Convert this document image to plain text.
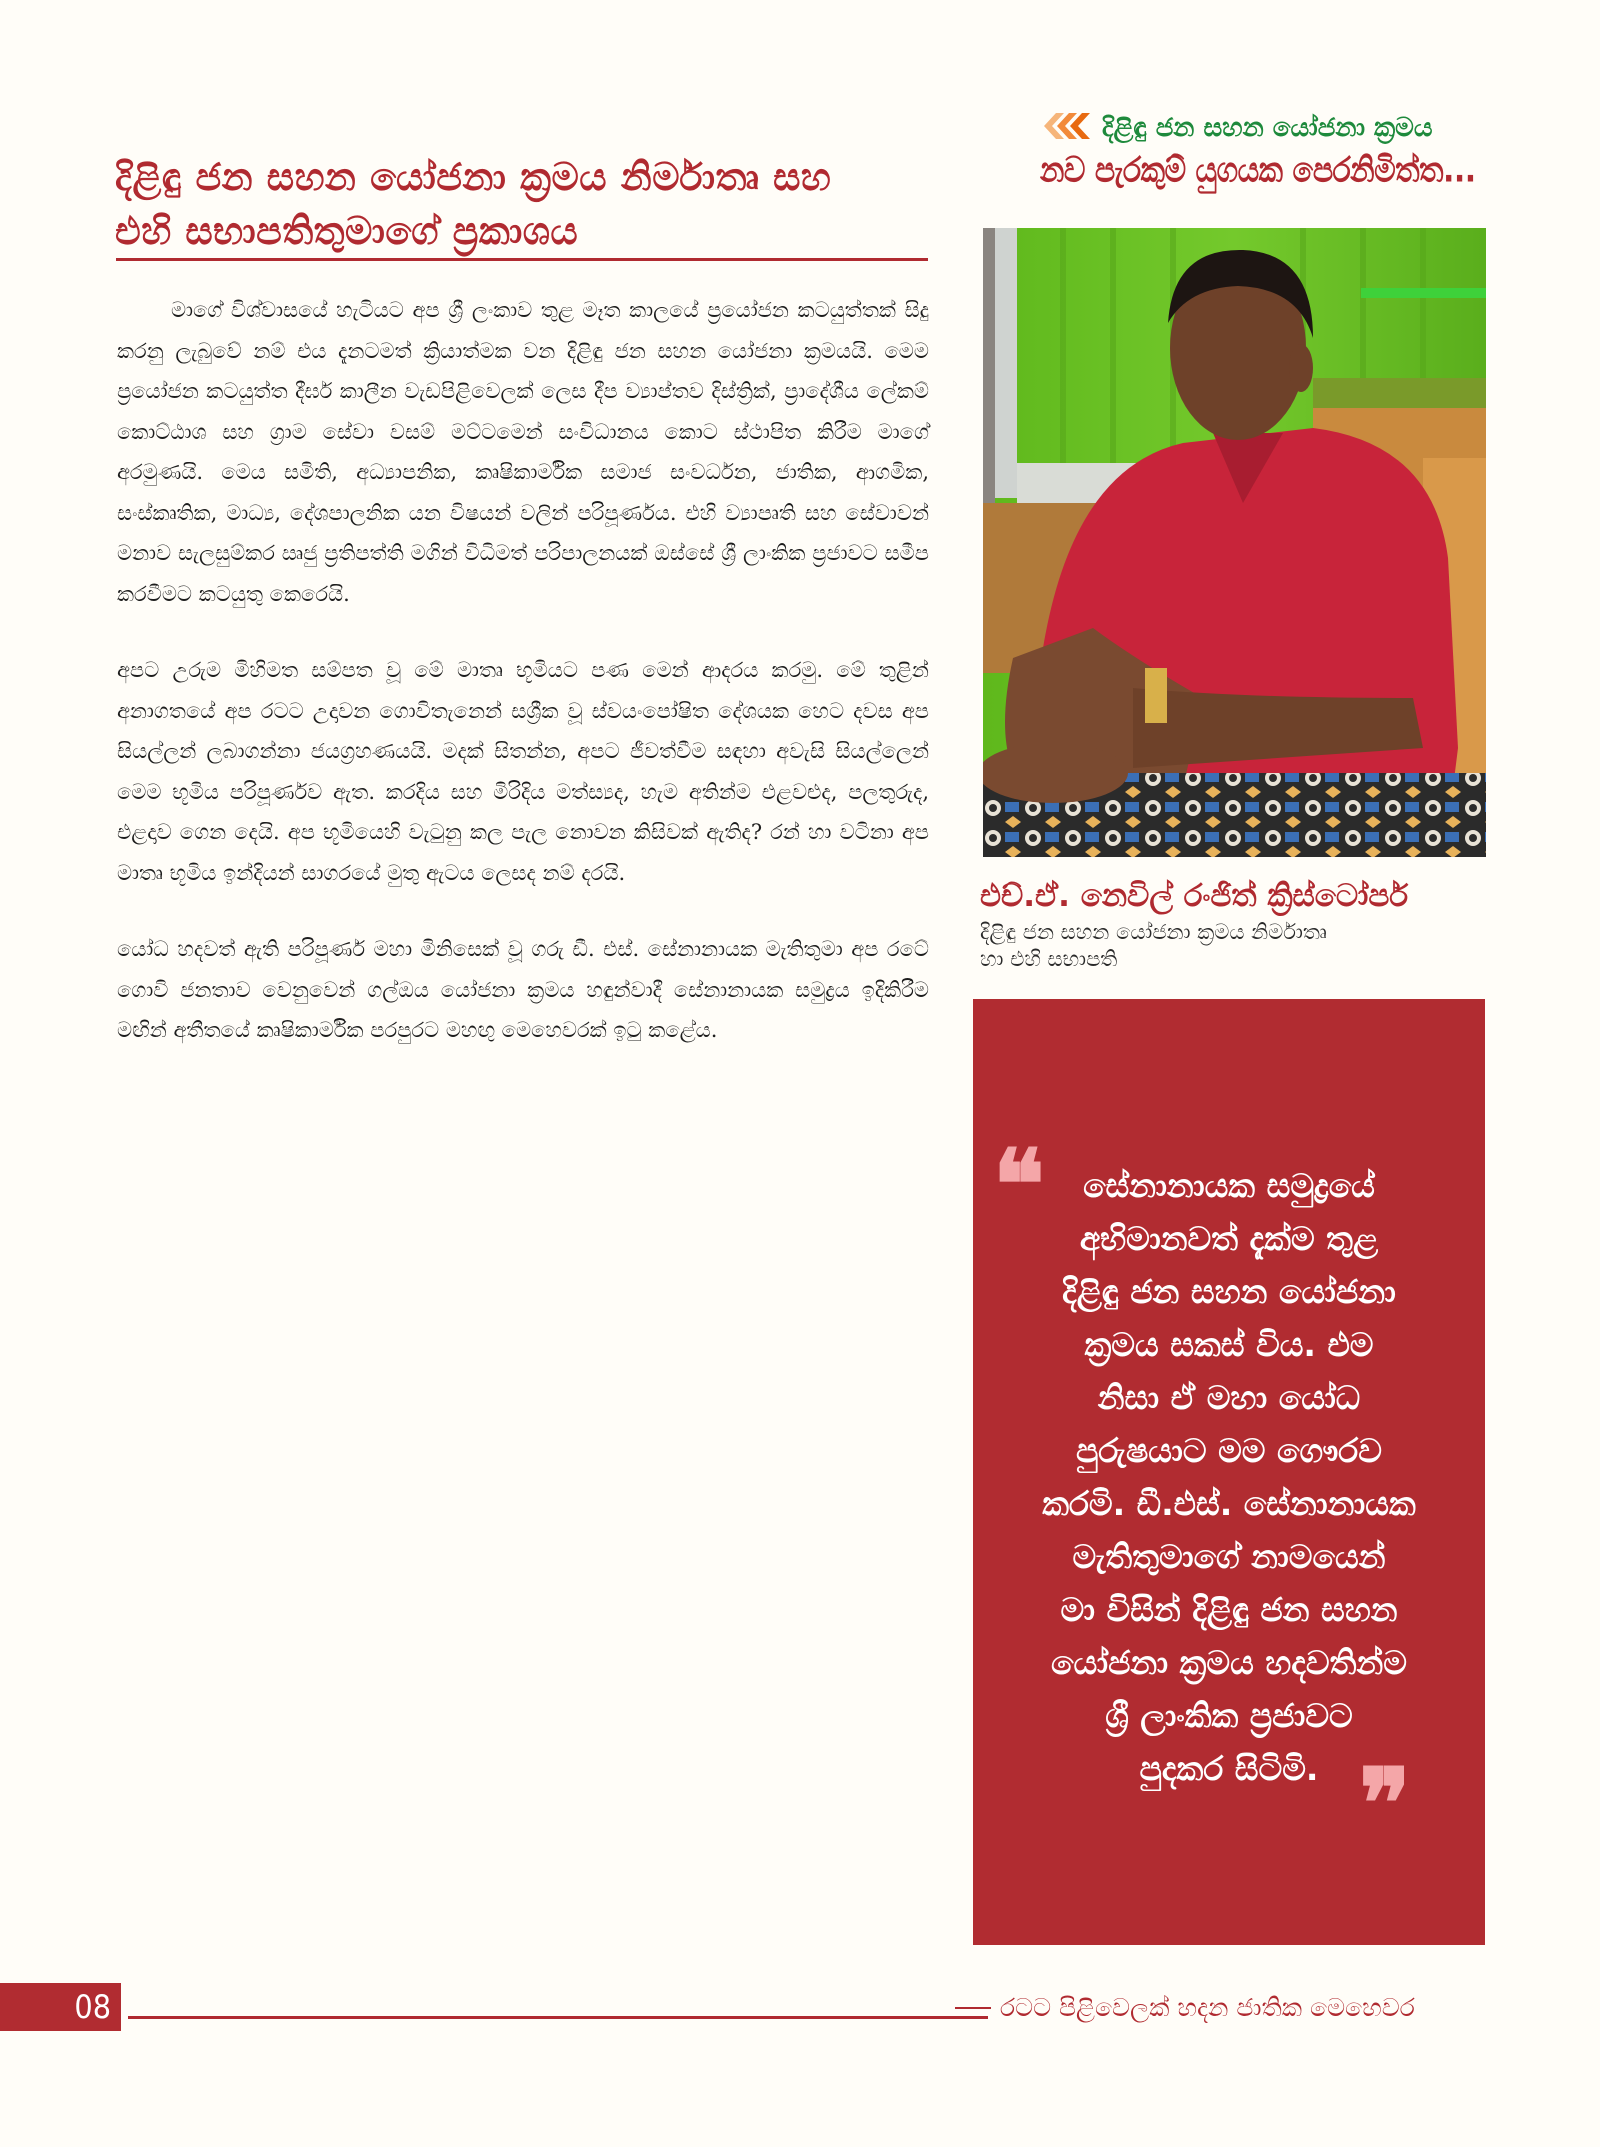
දිළිඳු ජන සහන යෝජනා ක්‍රමය
නව පැරකුම් යුගයක පෙරනිමිත්ත...
දිළිඳු ජන සහන යෝජනා ක්‍රමය නිර්මාතෘ සහ
එහි සභාපතිතුමාගේ ප්‍රකාශය

මාගේ විශ්වාසයේ හැටියට අප ශ්‍රී ලංකාව තුළ මෑත කාලයේ ප්‍රයෝජන කටයුත්තක් සිදු කරනු ලැබුවේ නම් එය දැනටමත් ක්‍රියාත්මක වන දිළිඳු ජන සහන යෝජනා ක්‍රමයයි. මෙම ප්‍රයෝජන කටයුත්ත දීර්ඝ කාලීන වැඩපිළිවෙලක් ලෙස දීප ව්‍යාප්තව දිස්ත්‍රික්, ප්‍රාදේශීය ලේකම් කොට්ඨාශ සහ ග්‍රාම සේවා වසම් මට්ටමෙන් සංවිධානය කොට ස්ථාපිත කිරීම මාගේ අරමුණයි. මෙය සමිති, අධ්‍යාපනික, කෘෂිකාර්මික සමාජ සංවර්ධන, ජාතික, ආගමික, සංස්කෘතික, මාධ්‍ය, දේශපාලනික යන විෂයන් වලින් පරිපූර්ණය. එහි ව්‍යාපෘති සහ සේවාවන් මනාව සැලසුම්කර ඍජු ප්‍රතිපත්ති මගින් විධිමත් පරිපාලනයක් ඔස්සේ ශ්‍රී ලාංකික ප්‍රජාවට සමීප කරවීමට කටයුතු කෙරෙයි.

අපට උරුම මිහිමත සම්පත වූ මේ මාතෘ භූමියට පණ මෙන් ආදරය කරමු. මේ තුළින් අනාගතයේ අප රටට උදාවන ගොවිතැනෙන් සශ්‍රීක වූ ස්වයංපෝෂිත දේශයක හෙට දවස අප සියල්ලන් ලබාගන්නා ජයග්‍රහණයයි. මදක් සිතන්න, අපට ජීවත්වීම සඳහා අවැසි සියල්ලෙන් මෙම භූමිය පරිපූර්ණව ඇත. කරදිය සහ මිරිදිය මත්ස්‍යද, හැම අතින්ම එළවළුද, පලතුරුද, එළදාව ගෙන දෙයි. අප භූමියෙහි වැටුනු කල පැල නොවන කිසිවක් ඇතිද? රන් හා වටිනා අප මාතෘ භූමිය ඉන්දියන් සාගරයේ මුතු ඇටය ලෙසද නම් දරයි.

යෝධ හදවත් ඇති පරිපූර්ණ මහා මිනිසෙක් වූ ගරු ඩී. එස්. සේනානායක මැතිතුමා අප රටේ ගොවි ජනතාව වෙනුවෙන් ගල්ඔය යෝජනා ක්‍රමය හඳුන්වාදී සේනානායක සමුද්‍රය ඉදිකිරීම මඟින් අතීතයේ කෘෂිකාර්මික පරපුරට මහඟු මෙහෙවරක් ඉටු කළේය.

එච්.ඒ. නෙවිල් රංජිත් ක්‍රිස්ටෝපර්
දිළිඳු ජන සහන යෝජනා ක්‍රමය නිර්මාතෘ
හා එහි සභාපති
❝	සේනානායක සමුද්‍රයේ
අභිමානවත් දැක්ම තුළ
දිළිඳු ජන සහන යෝජනා
ක්‍රමය සකස් විය. එම
නිසා ඒ මහා යෝධ
පුරුෂයාට මම ගෞරව
කරමි. ඩී.එස්. සේනානායක
මැතිතුමාගේ නාමයෙන්
මා විසින් දිළිඳු ජන සහන
යෝජනා ක්‍රමය හදවතින්ම
ශ්‍රී ලාංකික ප්‍රජාවට
පුදකර සිටිමි. ❞
08	රටට පිළිවෙලක් හදන ජාතික මෙහෙවර
